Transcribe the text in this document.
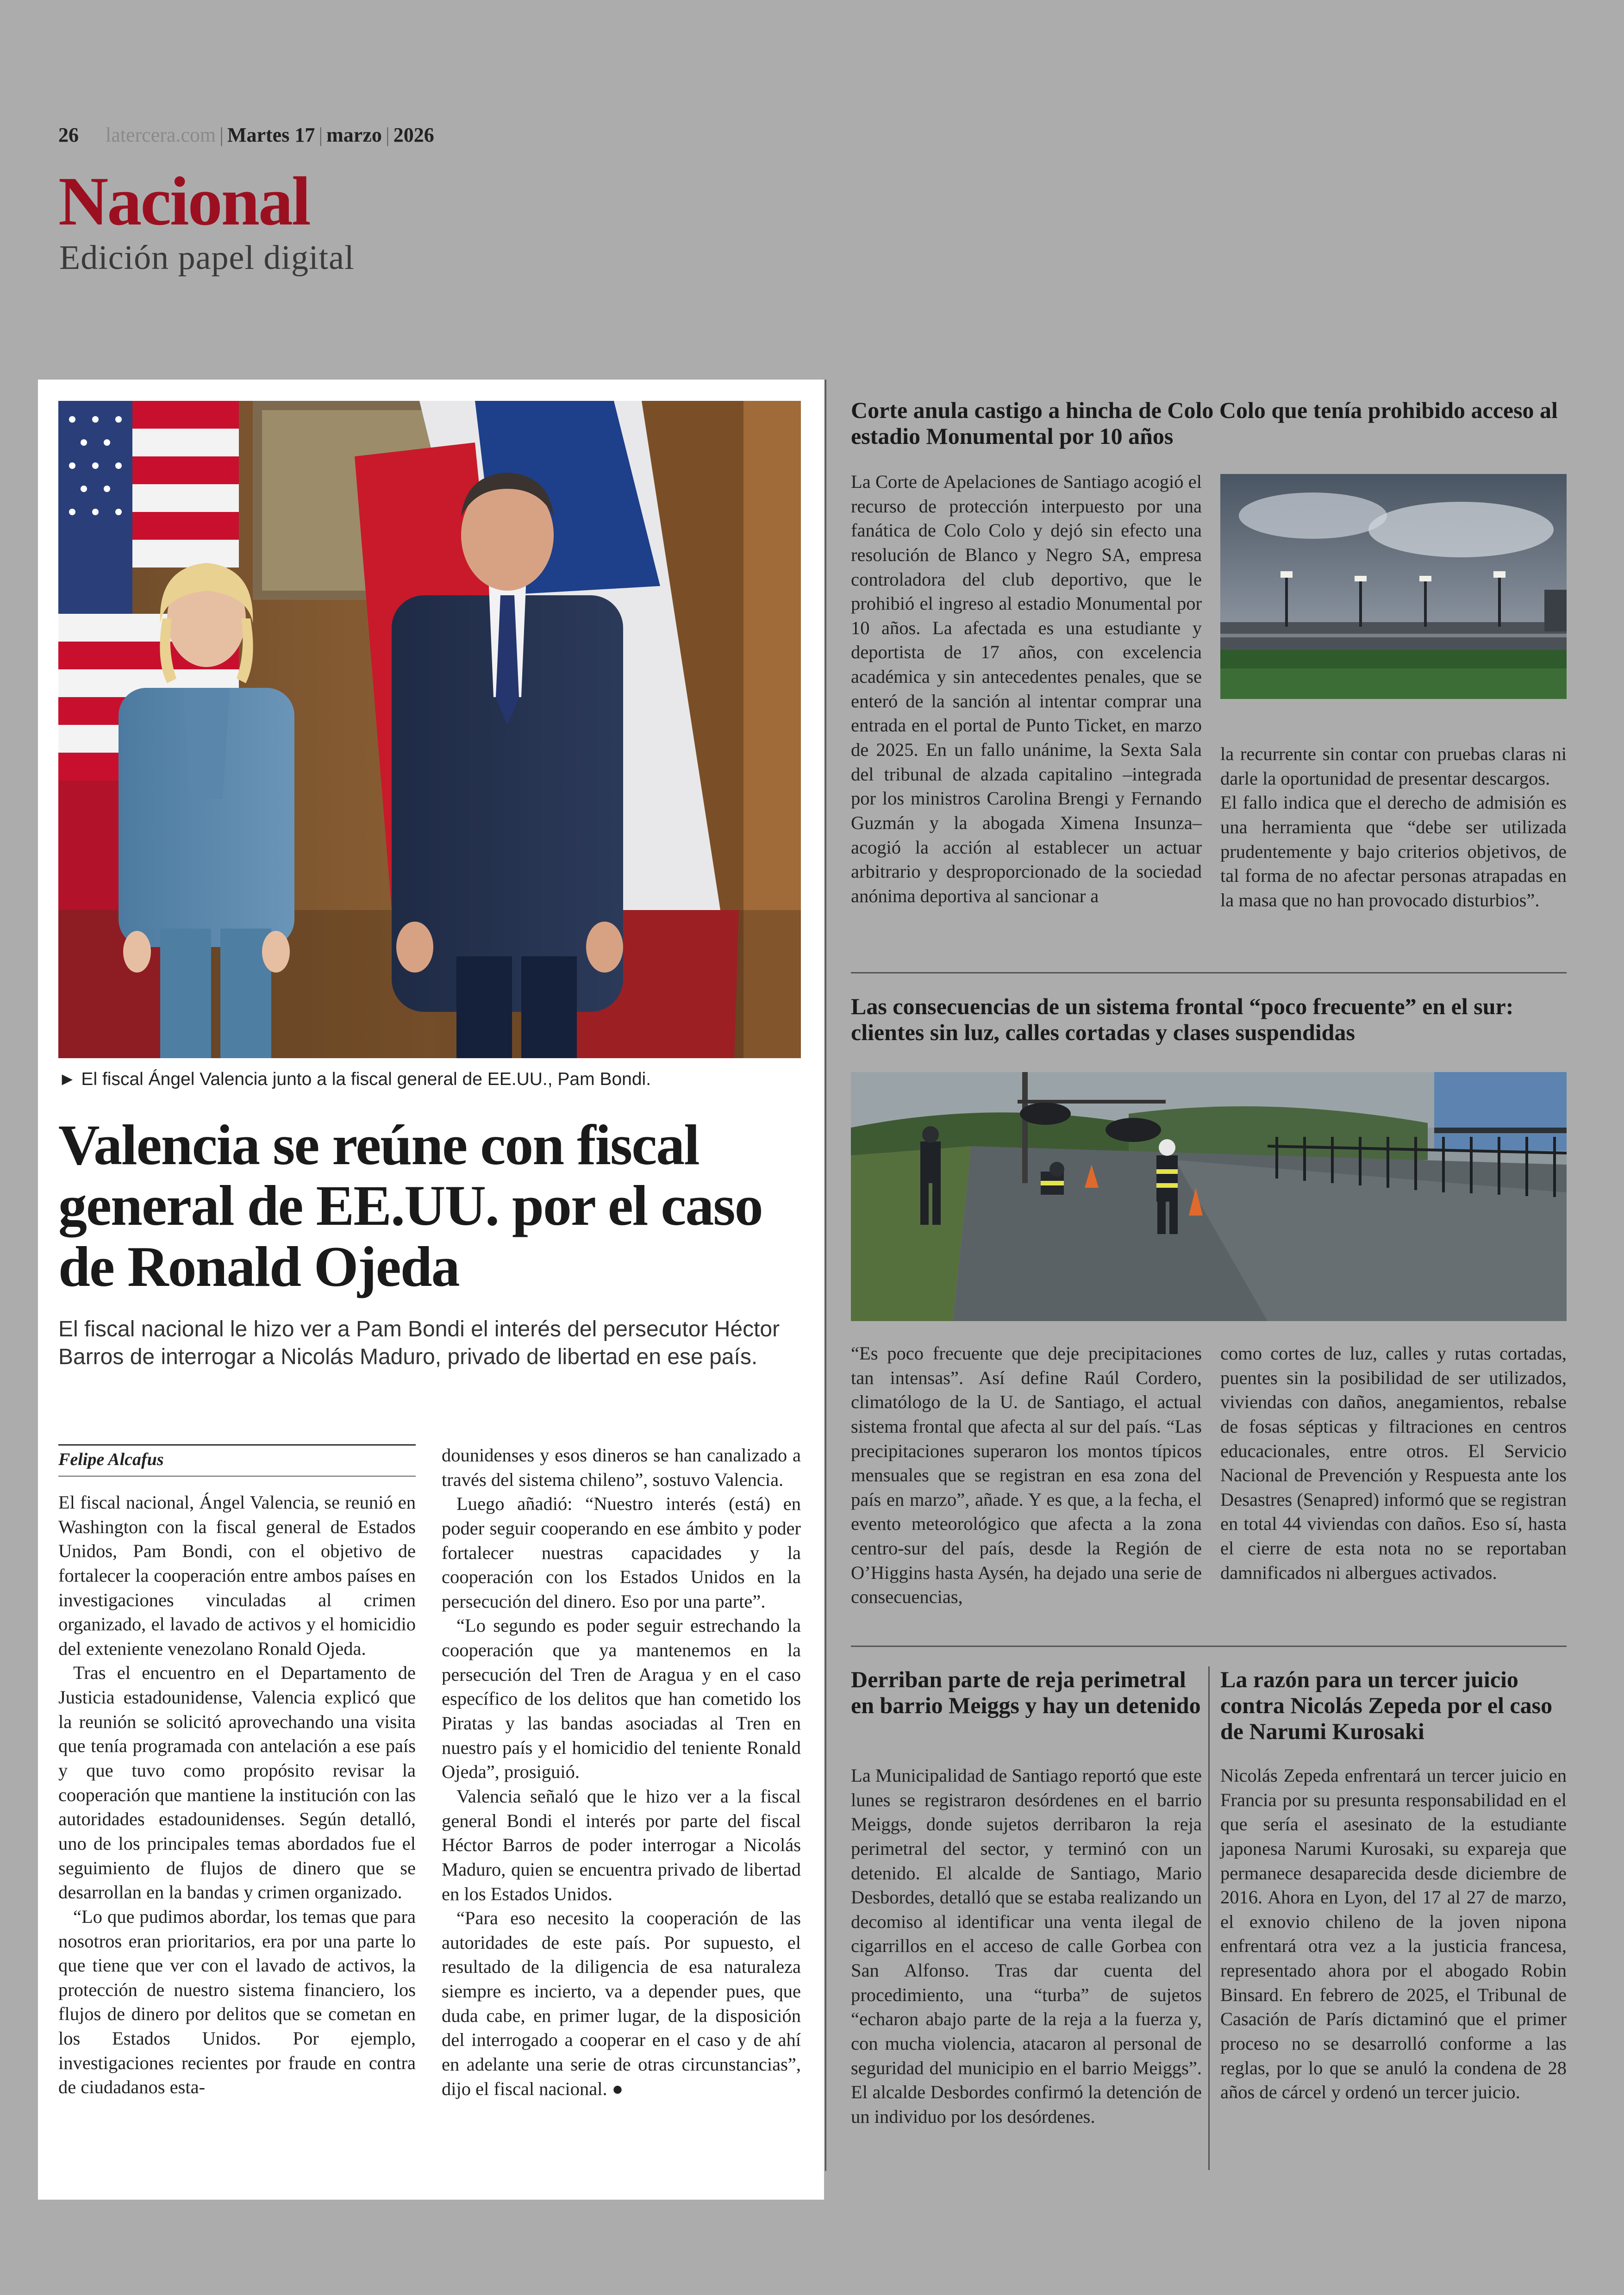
26 latercera.com | Martes 17 | marzo | 2026
Nacional
Edición papel digital
► El fiscal Ángel Valencia junto a la fiscal general de EE.UU., Pam Bondi.
Valencia se reúne con fiscal general de EE.UU. por el caso de Ronald Ojeda
El fiscal nacional le hizo ver a Pam Bondi el interés del persecutor Héctor Barros de interrogar a Nicolás Maduro, privado de libertad en ese país.
Felipe Alcafus

El fiscal nacional, Ángel Valencia, se reunió en Washington con la fiscal general de Estados Unidos, Pam Bondi, con el objetivo de fortalecer la cooperación entre ambos países en investigaciones vinculadas al crimen organizado, el lavado de activos y el homicidio del exteniente venezolano Ronald Ojeda.

Tras el encuentro en el Departamento de Justicia estadounidense, Valencia explicó que la reunión se solicitó aprovechando una visita que tenía programada con antelación a ese país y que tuvo como propósito revisar la cooperación que mantiene la institución con las autoridades estadounidenses. Según detalló, uno de los principales temas abordados fue el seguimiento de flujos de dinero que se desarrollan en la bandas y crimen organizado.

“Lo que pudimos abordar, los temas que para nosotros eran prioritarios, era por una parte lo que tiene que ver con el lavado de activos, la protección de nuestro sistema financiero, los flujos de dinero por delitos que se cometan en los Estados Unidos. Por ejemplo, investigaciones recientes por fraude en contra de ciudadanos esta-

dounidenses y esos dineros se han canalizado a través del sistema chileno”, sostuvo Valencia.

Luego añadió: “Nuestro interés (está) en poder seguir cooperando en ese ámbito y poder fortalecer nuestras capacidades y la cooperación con los Estados Unidos en la persecución del dinero. Eso por una parte”.

“Lo segundo es poder seguir estrechando la cooperación que ya mantenemos en la persecución del Tren de Aragua y en el caso específico de los delitos que han cometido los Piratas y las bandas asociadas al Tren en nuestro país y el homicidio del teniente Ronald Ojeda”, prosiguió.

Valencia señaló que le hizo ver a la fiscal general Bondi el interés por parte del fiscal Héctor Barros de poder interrogar a Nicolás Maduro, quien se encuentra privado de libertad en los Estados Unidos.

“Para eso necesito la cooperación de las autoridades de este país. Por supuesto, el resultado de la diligencia de esa naturaleza siempre es incierto, va a depender pues, que duda cabe, en primer lugar, de la disposición del interrogado a cooperar en el caso y de ahí en adelante una serie de otras circunstancias”, dijo el fiscal nacional. ●

Corte anula castigo a hincha de Colo Colo que tenía prohibido acceso al estadio Monumental por 10 años

La Corte de Apelaciones de Santiago acogió el recurso de protección interpuesto por una fanática de Colo Colo y dejó sin efecto una resolución de Blanco y Negro SA, empresa controladora del club deportivo, que le prohibió el ingreso al estadio Monumental por 10 años. La afectada es una estudiante y deportista de 17 años, con excelencia académica y sin antecedentes penales, que se enteró de la sanción al intentar comprar una entrada en el portal de Punto Ticket, en marzo de 2025. En un fallo unánime, la Sexta Sala del tribunal de alzada capitalino –integrada por los ministros Carolina Brengi y Fernando Guzmán y la abogada Ximena Insunza– acogió la acción al establecer un actuar arbitrario y desproporcionado de la sociedad anónima deportiva al sancionar a

la recurrente sin contar con pruebas claras ni darle la oportunidad de presentar descargos.

El fallo indica que el derecho de admisión es una herramienta que “debe ser utilizada prudentemente y bajo criterios objetivos, de tal forma de no afectar personas atrapadas en la masa que no han provocado disturbios”.

Las consecuencias de un sistema frontal “poco frecuente” en el sur: clientes sin luz, calles cortadas y clases suspendidas

“Es poco frecuente que deje precipitaciones tan intensas”. Así define Raúl Cordero, climatólogo de la U. de Santiago, el actual sistema frontal que afecta al sur del país. “Las precipitaciones superaron los montos típicos mensuales que se registran en esa zona del país en marzo”, añade. Y es que, a la fecha, el evento meteorológico que afecta a la zona centro-sur del país, desde la Región de O’Higgins hasta Aysén, ha dejado una serie de consecuencias,

como cortes de luz, calles y rutas cortadas, puentes sin la posibilidad de ser utilizados, viviendas con daños, anegamientos, rebalse de fosas sépticas y filtraciones en centros educacionales, entre otros. El Servicio Nacional de Prevención y Respuesta ante los Desastres (Senapred) informó que se registran en total 44 viviendas con daños. Eso sí, hasta el cierre de esta nota no se reportaban damnificados ni albergues activados.

Derriban parte de reja perimetral en barrio Meiggs y hay un detenido

La Municipalidad de Santiago reportó que este lunes se registraron desórdenes en el barrio Meiggs, donde sujetos derribaron la reja perimetral del sector, y terminó con un detenido. El alcalde de Santiago, Mario Desbordes, detalló que se estaba realizando un decomiso al identificar una venta ilegal de cigarrillos en el acceso de calle Gorbea con San Alfonso. Tras dar cuenta del procedimiento, una “turba” de sujetos “echaron abajo parte de la reja a la fuerza y, con mucha violencia, atacaron al personal de seguridad del municipio en el barrio Meiggs”. El alcalde Desbordes confirmó la detención de un individuo por los desórdenes.

La razón para un tercer juicio contra Nicolás Zepeda por el caso de Narumi Kurosaki

Nicolás Zepeda enfrentará un tercer juicio en Francia por su presunta responsabilidad en el que sería el asesinato de la estudiante japonesa Narumi Kurosaki, su expareja que permanece desaparecida desde diciembre de 2016. Ahora en Lyon, del 17 al 27 de marzo, el exnovio chileno de la joven nipona enfrentará otra vez a la justicia francesa, representado ahora por el abogado Robin Binsard. En febrero de 2025, el Tribunal de Casación de París dictaminó que el primer proceso no se desarrolló conforme a las reglas, por lo que se anuló la condena de 28 años de cárcel y ordenó un tercer juicio.
